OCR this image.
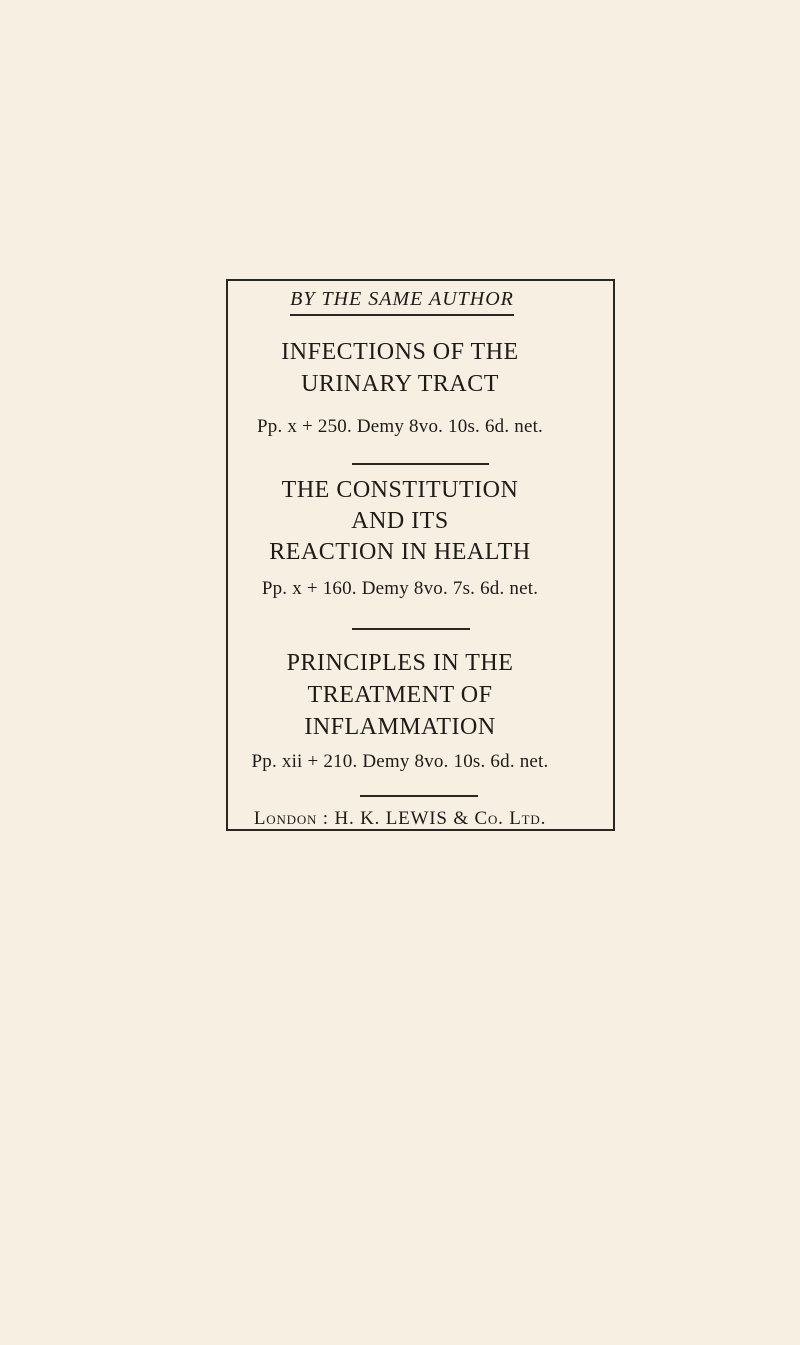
BY THE SAME AUTHOR
INFECTIONS OF THE
URINARY TRACT
Pp. x + 250. Demy 8vo. 10s. 6d. net.
THE CONSTITUTION
AND ITS
REACTION IN HEALTH
Pp. x + 160. Demy 8vo. 7s. 6d. net.
PRINCIPLES IN THE
TREATMENT OF
INFLAMMATION
Pp. xii + 210. Demy 8vo. 10s. 6d. net.
London : H. K. LEWIS & Co. Ltd.
